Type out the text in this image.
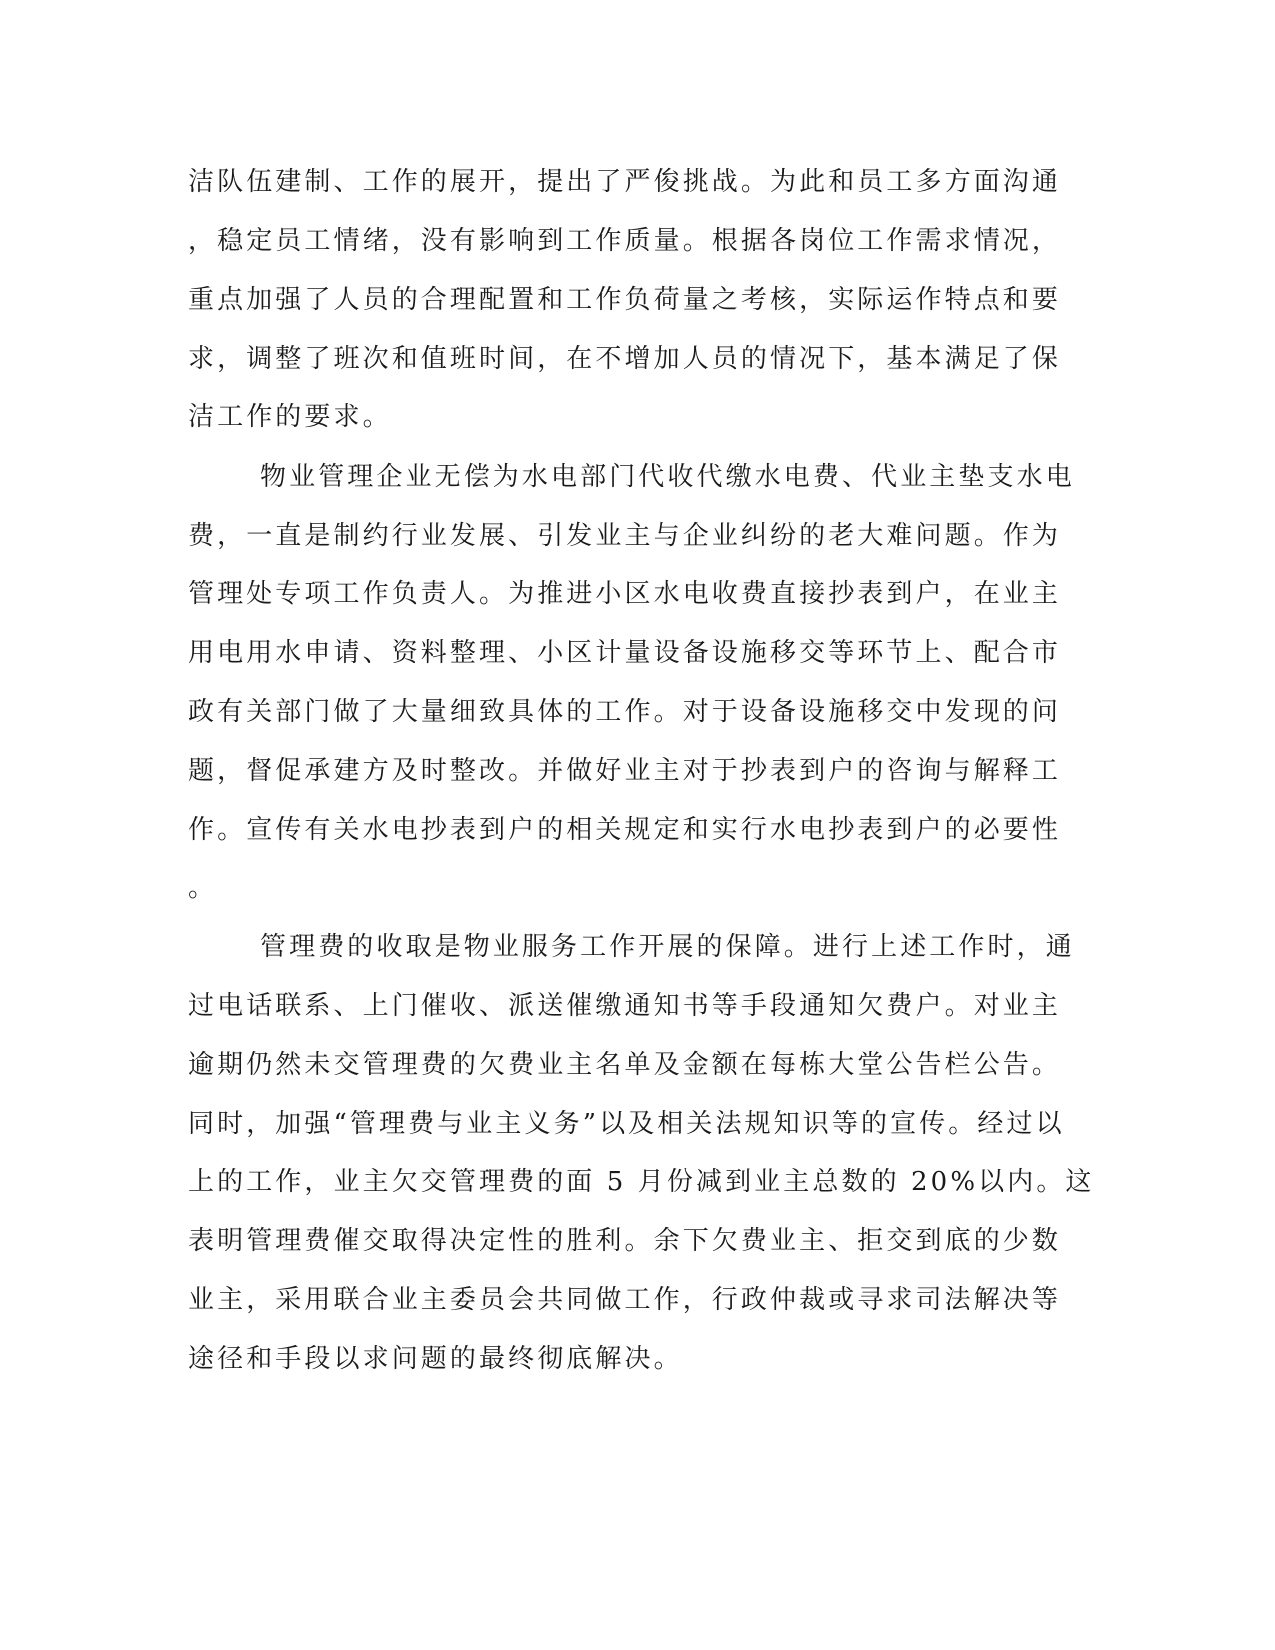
洁队伍建制、工作的展开，提出了严俊挑战。为此和员工多方面沟通
，稳定员工情绪，没有影响到工作质量。根据各岗位工作需求情况，
重点加强了人员的合理配置和工作负荷量之考核，实际运作特点和要
求，调整了班次和值班时间，在不增加人员的情况下，基本满足了保
洁工作的要求。
物业管理企业无偿为水电部门代收代缴水电费、代业主垫支水电
费，一直是制约行业发展、引发业主与企业纠纷的老大难问题。作为
管理处专项工作负责人。为推进小区水电收费直接抄表到户，在业主
用电用水申请、资料整理、小区计量设备设施移交等环节上、配合市
政有关部门做了大量细致具体的工作。对于设备设施移交中发现的问
题，督促承建方及时整改。并做好业主对于抄表到户的咨询与解释工
作。宣传有关水电抄表到户的相关规定和实行水电抄表到户的必要性
。
管理费的收取是物业服务工作开展的保障。进行上述工作时，通
过电话联系、上门催收、派送催缴通知书等手段通知欠费户。对业主
逾期仍然未交管理费的欠费业主名单及金额在每栋大堂公告栏公告。
同时，加强“管理费与业主义务”以及相关法规知识等的宣传。经过以
上的工作，业主欠交管理费的面 5 月份减到业主总数的 20%以内。这
表明管理费催交取得决定性的胜利。余下欠费业主、拒交到底的少数
业主，采用联合业主委员会共同做工作，行政仲裁或寻求司法解决等
途径和手段以求问题的最终彻底解决。
